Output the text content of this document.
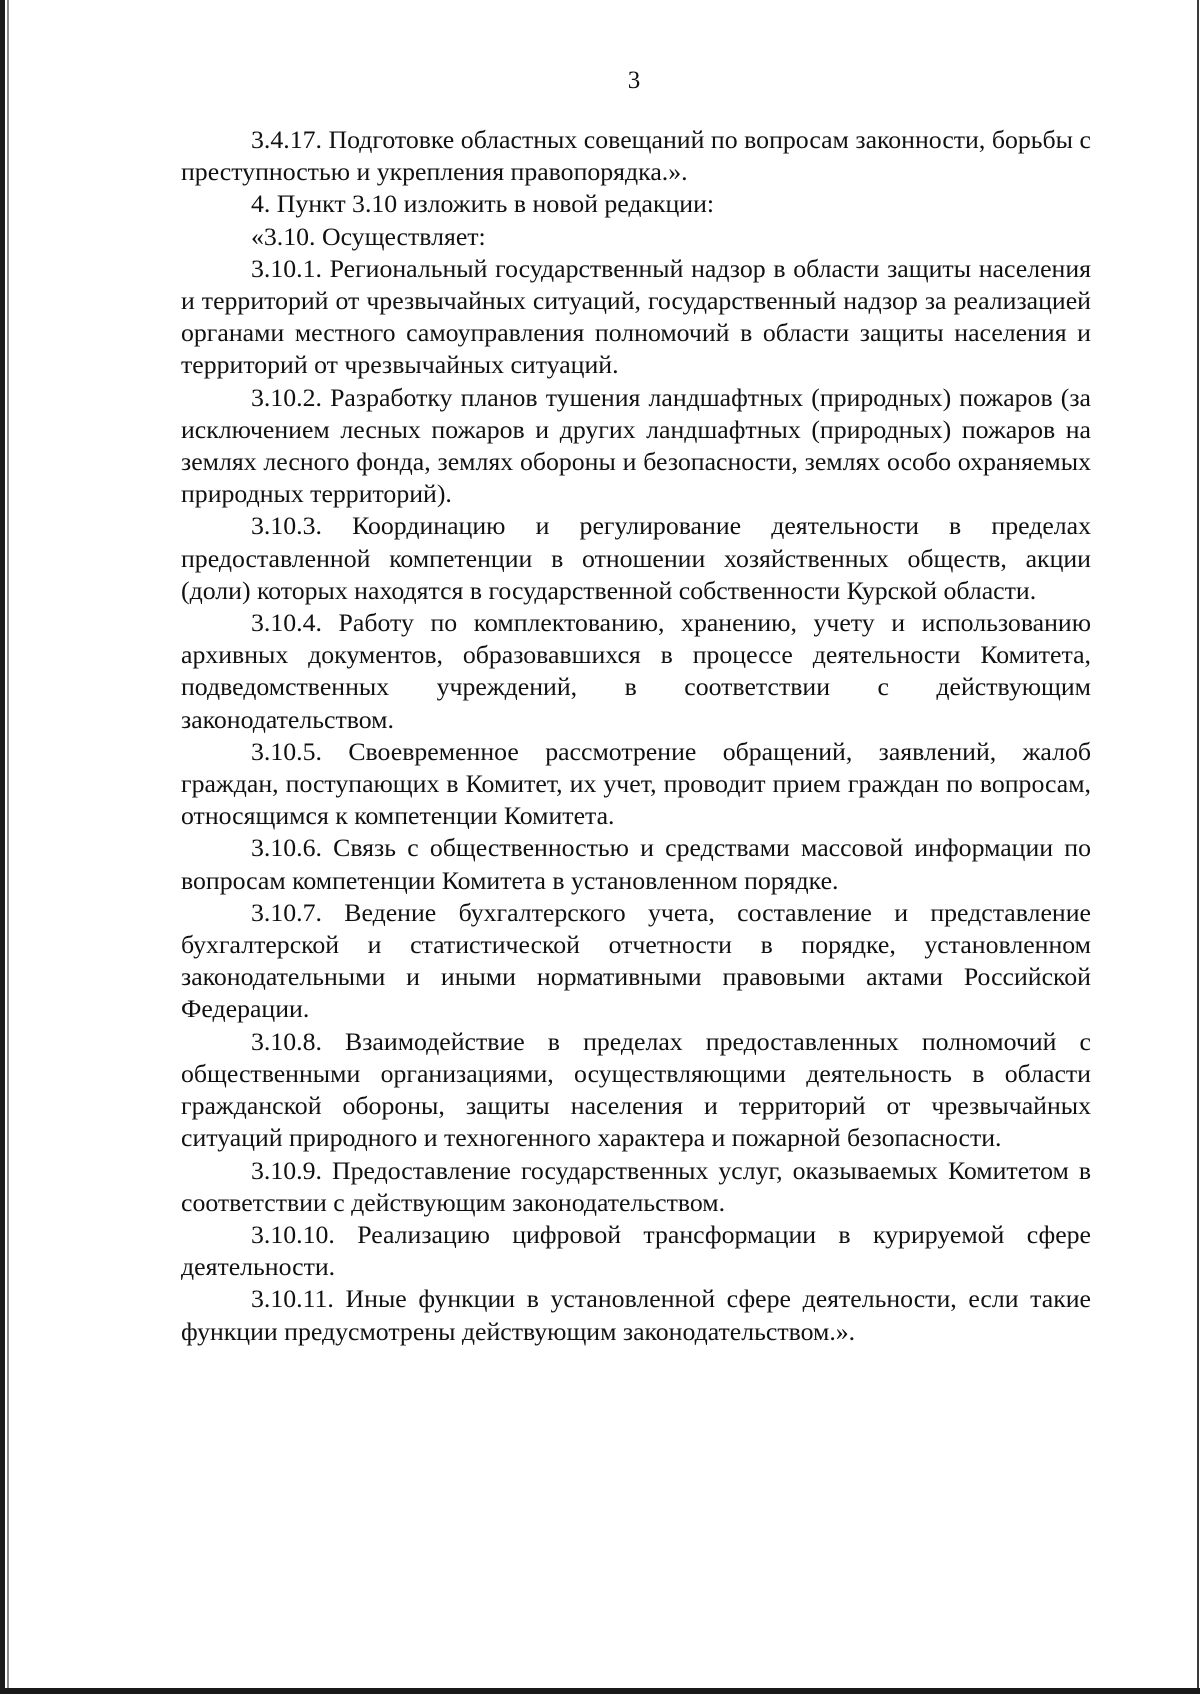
3

3.4.17. Подготовке областных совещаний по вопросам законности, борьбы с преступностью и укрепления правопорядка.».

4. Пункт 3.10 изложить в новой редакции:

«3.10. Осуществляет:

3.10.1. Региональный государственный надзор в области защиты населения и территорий от чрезвычайных ситуаций, государственный надзор за реализацией органами местного самоуправления полномочий в области защиты населения и территорий от чрезвычайных ситуаций.

3.10.2. Разработку планов тушения ландшафтных (природных) пожаров (за исключением лесных пожаров и других ландшафтных (природных) пожаров на землях лесного фонда, землях обороны и безопасности, землях особо охраняемых природных территорий).

3.10.3. Координацию и регулирование деятельности в пределах предоставленной компетенции в отношении хозяйственных обществ, акции (доли) которых находятся в государственной собственности Курской области.

3.10.4. Работу по комплектованию, хранению, учету и использованию архивных документов, образовавшихся в процессе деятельности Комитета, подведомственных учреждений, в соответствии с действующим законодательством.

3.10.5. Своевременное рассмотрение обращений, заявлений, жалоб граждан, поступающих в Комитет, их учет, проводит прием граждан по вопросам, относящимся к компетенции Комитета.

3.10.6. Связь с общественностью и средствами массовой информации по вопросам компетенции Комитета в установленном порядке.

3.10.7. Ведение бухгалтерского учета, составление и представление бухгалтерской и статистической отчетности в порядке, установленном законодательными и иными нормативными правовыми актами Российской Федерации.

3.10.8. Взаимодействие в пределах предоставленных полномочий с общественными организациями, осуществляющими деятельность в области гражданской обороны, защиты населения и территорий от чрезвычайных ситуаций природного и техногенного характера и пожарной безопасности.

3.10.9. Предоставление государственных услуг, оказываемых Комитетом в соответствии с действующим законодательством.

3.10.10. Реализацию цифровой трансформации в курируемой сфере деятельности.

3.10.11. Иные функции в установленной сфере деятельности, если такие функции предусмотрены действующим законодательством.».
